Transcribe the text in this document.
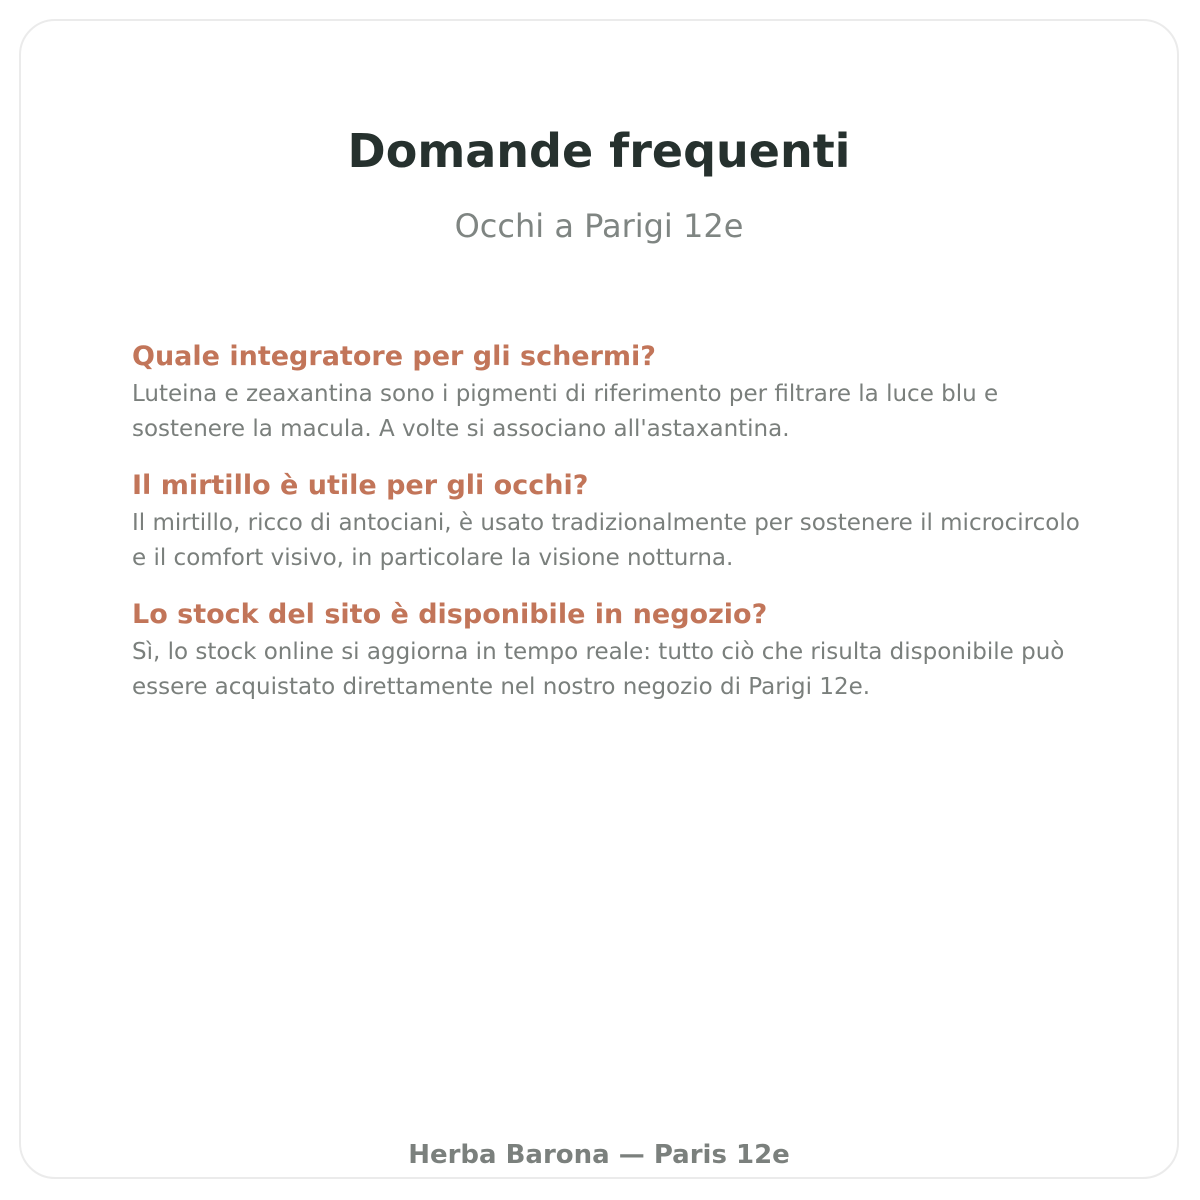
Domande frequenti

Occhi a Parigi 12e

Quale integratore per gli schermi?

Luteina e zeaxantina sono i pigmenti di riferimento per filtrare la luce blu e sostenere la macula. A volte si associano all'astaxantina.

Il mirtillo è utile per gli occhi?

Il mirtillo, ricco di antociani, è usato tradizionalmente per sostenere il microcircolo e il comfort visivo, in particolare la visione notturna.

Lo stock del sito è disponibile in negozio?

Sì, lo stock online si aggiorna in tempo reale: tutto ciò che risulta disponibile può essere acquistato direttamente nel nostro negozio di Parigi 12e.

Herba Barona — Paris 12e
